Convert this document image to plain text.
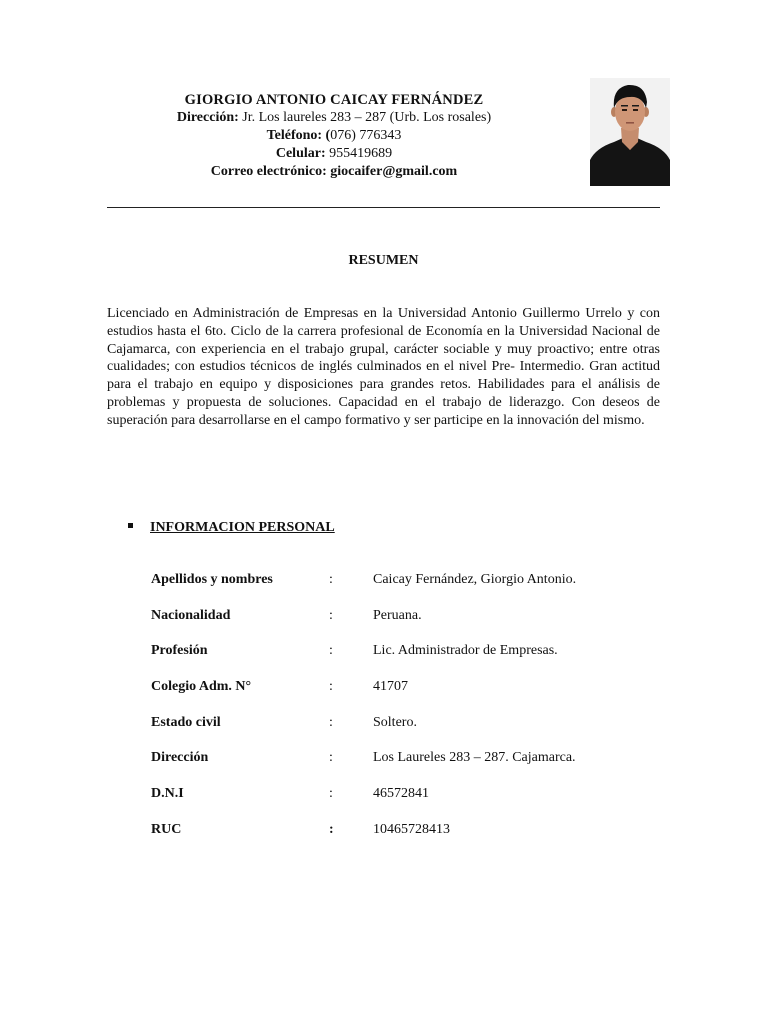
GIORGIO ANTONIO CAICAY FERNÁNDEZ
Dirección: Jr. Los laureles 283 – 287 (Urb. Los rosales)
Teléfono: (076) 776343
Celular: 955419689
Correo electrónico: giocaifer@gmail.com
RESUMEN

Licenciado en Administración de Empresas en la Universidad Antonio Guillermo Urrelo y con estudios hasta el 6to. Ciclo de la carrera profesional de Economía en la Universidad Nacional de Cajamarca, con experiencia en el trabajo grupal, carácter sociable y muy proactivo; entre otras cualidades; con estudios técnicos de inglés culminados en el nivel Pre- Intermedio. Gran actitud para el trabajo en equipo y disposiciones para grandes retos. Habilidades para el análisis de problemas y propuesta de soluciones. Capacidad en el trabajo de liderazgo. Con deseos de superación para desarrollarse en el campo formativo y ser participe en la innovación del mismo.

INFORMACION PERSONAL
Apellidos y nombres	:	Caicay Fernández, Giorgio Antonio.
Nacionalidad	:	Peruana.
Profesión	:	Lic. Administrador de Empresas.
Colegio Adm. N°	:	41707
Estado civil	:	Soltero.
Dirección	:	Los Laureles 283 – 287. Cajamarca.
D.N.I	:	46572841
RUC	:	10465728413
